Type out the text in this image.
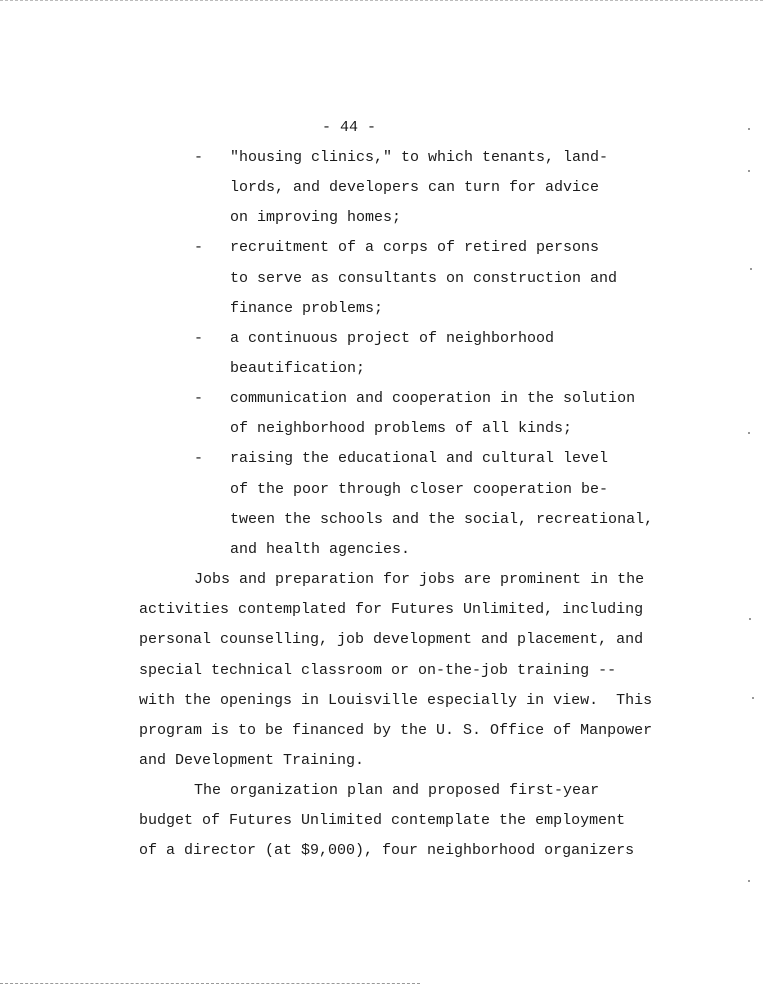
- 44 -
- "housing clinics," to which tenants, land-
lords, and developers can turn for advice
on improving homes;
- recruitment of a corps of retired persons
to serve as consultants on construction and
finance problems;
- a continuous project of neighborhood
beautification;
- communication and cooperation in the solution
of neighborhood problems of all kinds;
- raising the educational and cultural level
of the poor through closer cooperation be-
tween the schools and the social, recreational,
and health agencies.
Jobs and preparation for jobs are prominent in the
activities contemplated for Futures Unlimited, including
personal counselling, job development and placement, and
special technical classroom or on-the-job training --
with the openings in Louisville especially in view.  This
program is to be financed by the U. S. Office of Manpower
and Development Training.
The organization plan and proposed first-year
budget of Futures Unlimited contemplate the employment
of a director (at $9,000), four neighborhood organizers
